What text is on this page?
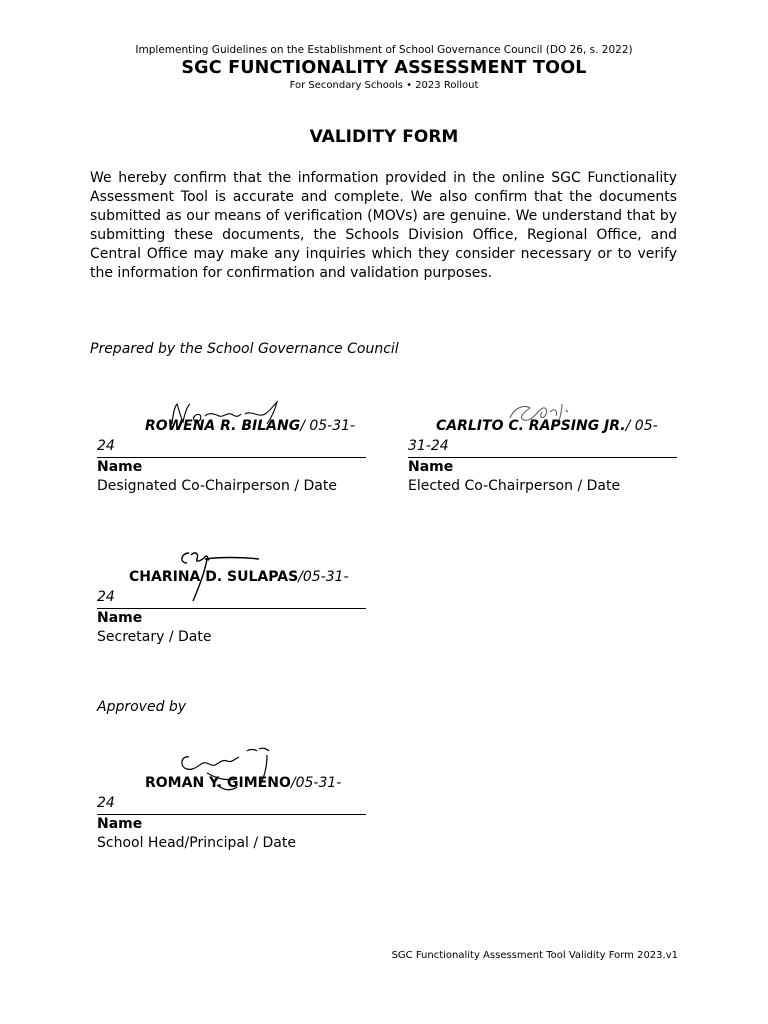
Implementing Guidelines on the Establishment of School Governance Council (DO 26, s. 2022)
SGC FUNCTIONALITY ASSESSMENT TOOL
For Secondary Schools • 2023 Rollout
VALIDITY FORM
We hereby confirm that the information provided in the online SGC Functionality Assessment Tool is accurate and complete. We also confirm that the documents submitted as our means of verification (MOVs) are genuine. We understand that by submitting these documents, the Schools Division Office, Regional Office, and Central Office may make any inquiries which they consider necessary or to verify the information for confirmation and validation purposes.
Prepared by the School Governance Council
ROWENA R. BILANG/ 05-31-24
Name
Designated Co-Chairperson / Date
CARLITO C. RAPSING JR./ 05-31-24
Name
Elected Co-Chairperson / Date
CHARINA D. SULAPAS/05-31-24
Name
Secretary / Date
Approved by
ROMAN Y. GIMENO/05-31-24
Name
School Head/Principal / Date
SGC Functionality Assessment Tool Validity Form 2023.v1
